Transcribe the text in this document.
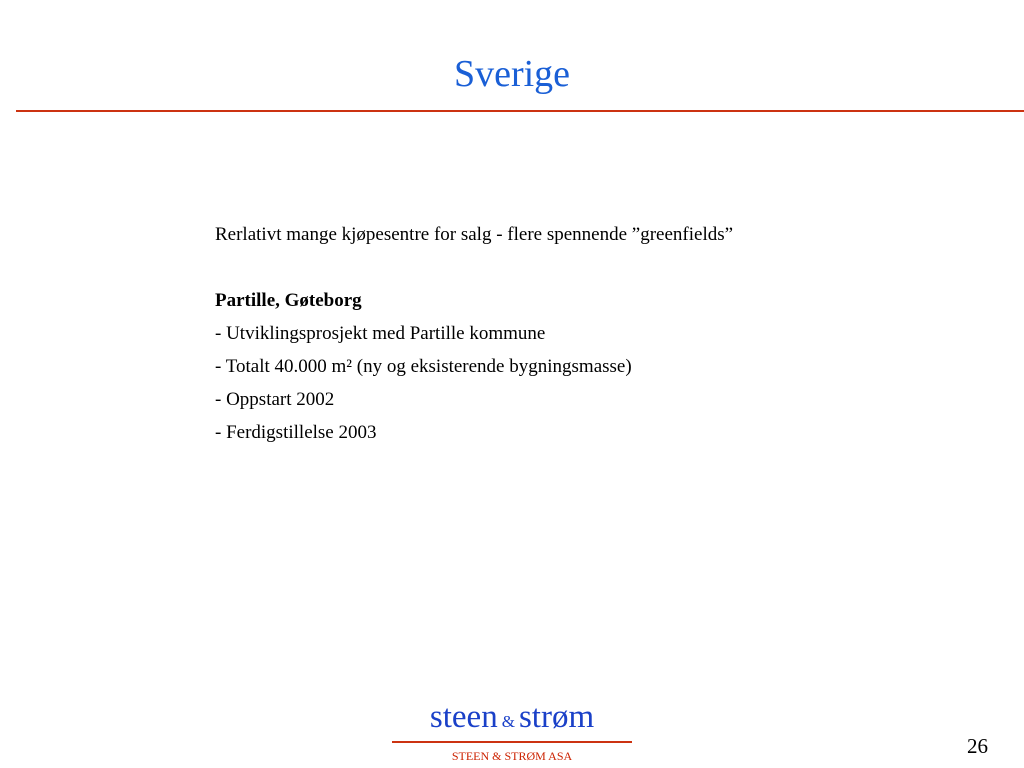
Sverige
Rerlativt mange kjøpesentre for salg - flere spennende ”greenfields”
Partille, Gøteborg
- Utviklingsprosjekt med Partille kommune
- Totalt 40.000 m² (ny og eksisterende bygningsmasse)
- Oppstart 2002
- Ferdigstillelse 2003
steen & strøm
STEEN & STRØM ASA	26
